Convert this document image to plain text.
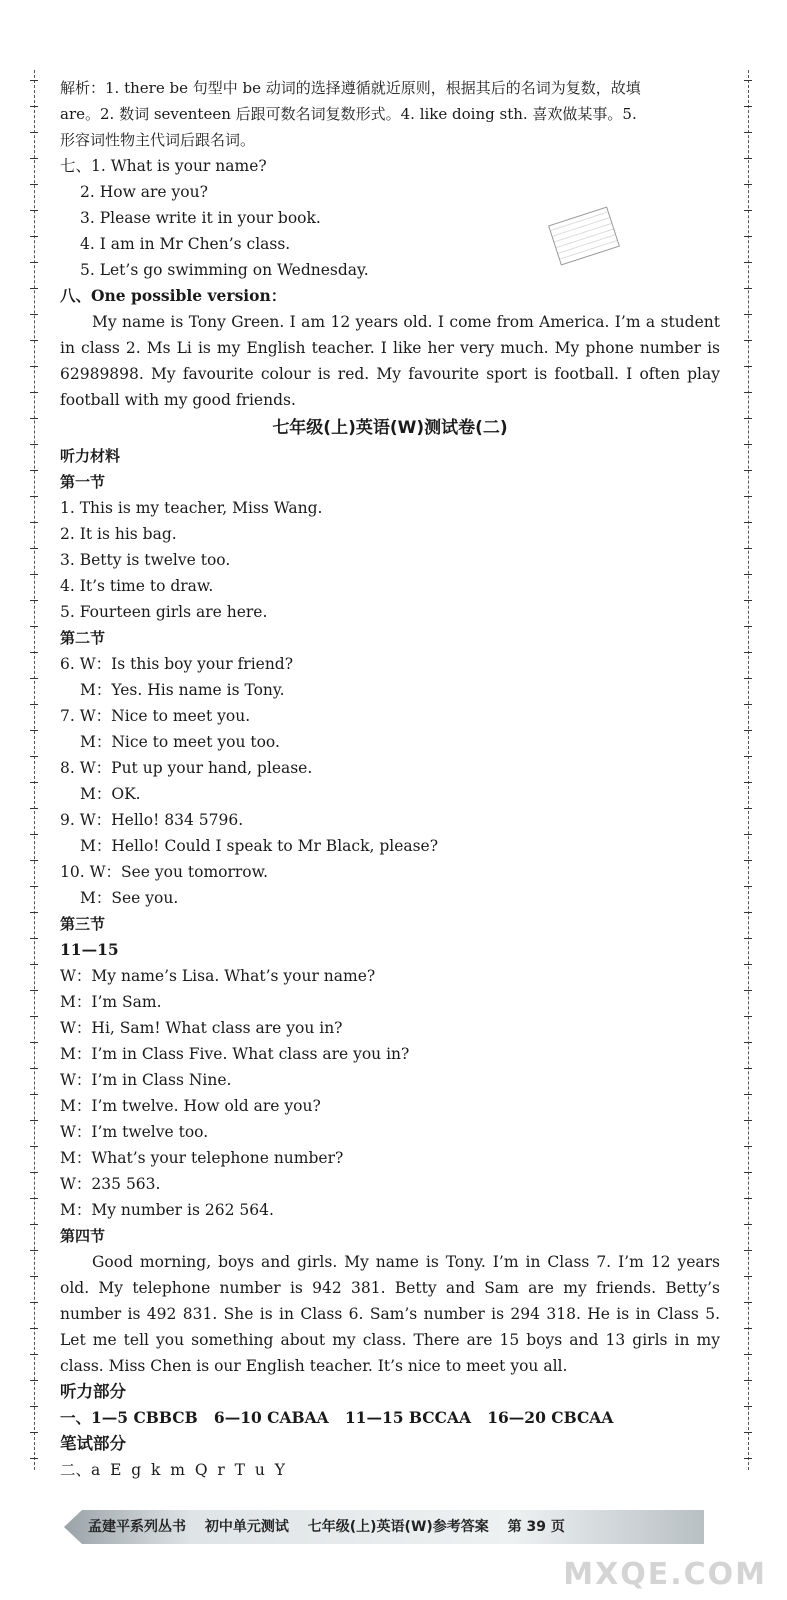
解析：1. there be 句型中 be 动词的选择遵循就近原则，根据其后的名词为复数，故填
are。2. 数词 seventeen 后跟可数名词复数形式。4. like doing sth. 喜欢做某事。5.
形容词性物主代词后跟名词。
七、1. What is your name?
2. How are you?
3. Please write it in your book.
4. I am in Mr Chen’s class.
5. Let’s go swimming on Wednesday.
八、One possible version：
My name is Tony Green. I am 12 years old. I come from America. I’m a student in class 2. Ms Li is my English teacher. I like her very much. My phone number is 62989898. My favourite colour is red. My favourite sport is football. I often play football with my good friends.
七年级(上)英语(W)测试卷(二)
听力材料
第一节
1. This is my teacher, Miss Wang.
2. It is his bag.
3. Betty is twelve too.
4. It’s time to draw.
5. Fourteen girls are here.
第二节
6. W：Is this boy your friend?
M：Yes. His name is Tony.
7. W：Nice to meet you.
M：Nice to meet you too.
8. W：Put up your hand, please.
M：OK.
9. W：Hello! 834 5796.
M：Hello! Could I speak to Mr Black, please?
10. W：See you tomorrow.
M：See you.
第三节
11—15
W：My name’s Lisa. What’s your name?
M：I’m Sam.
W：Hi, Sam! What class are you in?
M：I’m in Class Five. What class are you in?
W：I’m in Class Nine.
M：I’m twelve. How old are you?
W：I’m twelve too.
M：What’s your telephone number?
W：235 563.
M：My number is 262 564.
第四节
Good morning, boys and girls. My name is Tony. I’m in Class 7. I’m 12 years old. My telephone number is 942 381. Betty and Sam are my friends. Betty’s number is 492 831. She is in Class 6. Sam’s number is 294 318. He is in Class 5. Let me tell you something about my class. There are 15 boys and 13 girls in my class. Miss Chen is our English teacher. It’s nice to meet you all.
听力部分
一、1—5 CBBCB   6—10 CABAA   11—15 BCCAA   16—20 CBCAA
笔试部分
二、a  E  g  k  m  Q  r  T  u  Y
孟建平系列丛书 初中单元测试 七年级(上)英语(W)参考答案 第 39 页
MXQE.COM
